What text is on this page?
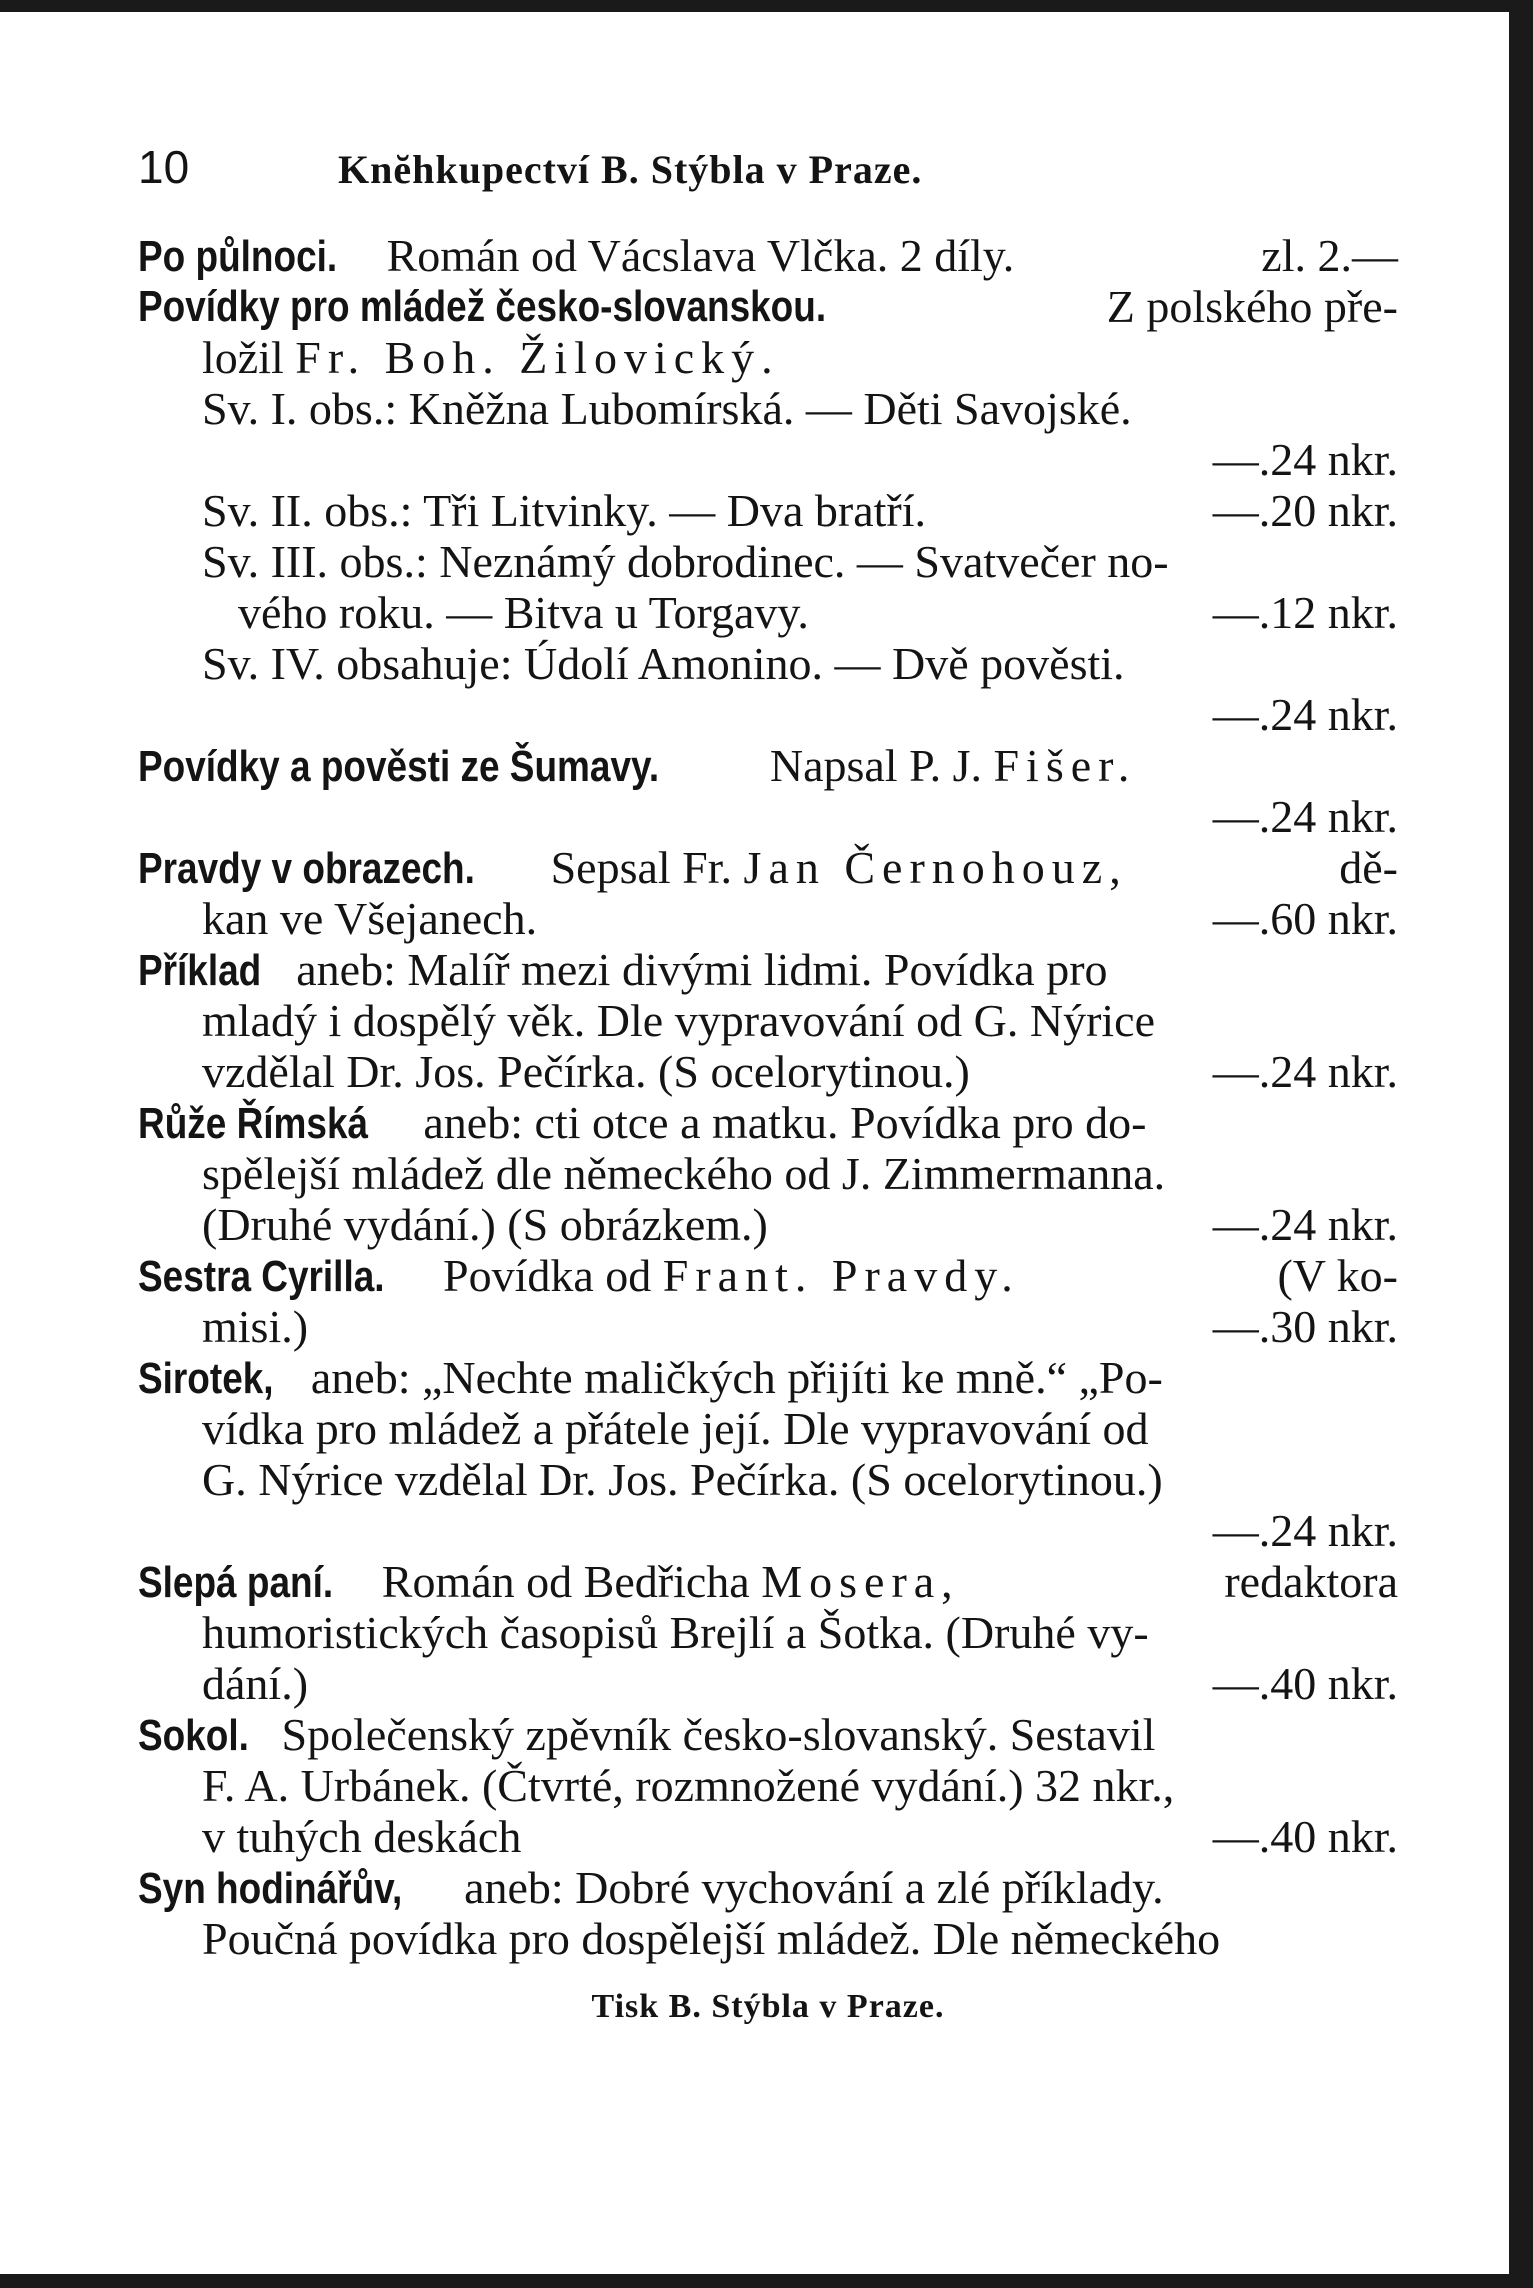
10	Knĕhkupectví B. Stýbla v Praze.
Po půlnoci. Román od Vácslava Vlčka. 2 díly.	zl. 2.—
Povídky pro mládež česko-slovanskou.	Z polského pře-
ložil Fr. Boh. Žilovický.
Sv. I. obs.: Kněžna Lubomírská. — Děti Savojské.
—.24 nkr.
Sv. II. obs.: Tři Litvinky. — Dva bratří.	—.20 nkr.
Sv. III. obs.: Neznámý dobrodinec. — Svatvečer no-
vého roku. — Bitva u Torgavy.	—.12 nkr.
Sv. IV. obsahuje: Údolí Amonino. — Dvě pověsti.
—.24 nkr.
Povídky a pověsti ze Šumavy. Napsal P. J. Fišer.
—.24 nkr.
Pravdy v obrazech. Sepsal Fr. Jan Černohouz,	dě-
kan ve Všejanech.	—.60 nkr.
Příklad aneb: Malíř mezi divými lidmi. Povídka pro
mladý i dospělý věk. Dle vypravování od G. Nýrice
vzdělal Dr. Jos. Pečírka. (S ocelorytinou.)	—.24 nkr.
Růže Římská aneb: cti otce a matku. Povídka pro do-
spělejší mládež dle německého od J. Zimmermanna.
(Druhé vydání.) (S obrázkem.)	—.24 nkr.
Sestra Cyrilla. Povídka od Frant. Pravdy.	(V ko-
misi.)	—.30 nkr.
Sirotek, aneb: „Nechte maličkých přijíti ke mně.“ „Po-
vídka pro mládež a přátele její. Dle vypravování od
G. Nýrice vzdělal Dr. Jos. Pečírka. (S ocelorytinou.)
—.24 nkr.
Slepá paní. Román od Bedřicha Mosera,	redaktora
humoristických časopisů Brejlí a Šotka. (Druhé vy-
dání.)	—.40 nkr.
Sokol. Společenský zpěvník česko-slovanský. Sestavil
F. A. Urbánek. (Čtvrté, rozmnožené vydání.) 32 nkr.,
v tuhých deskách	—.40 nkr.
Syn hodinářův, aneb: Dobré vychování a zlé příklady.
Poučná povídka pro dospělejší mládež. Dle německého
Tisk B. Stýbla v Praze.
